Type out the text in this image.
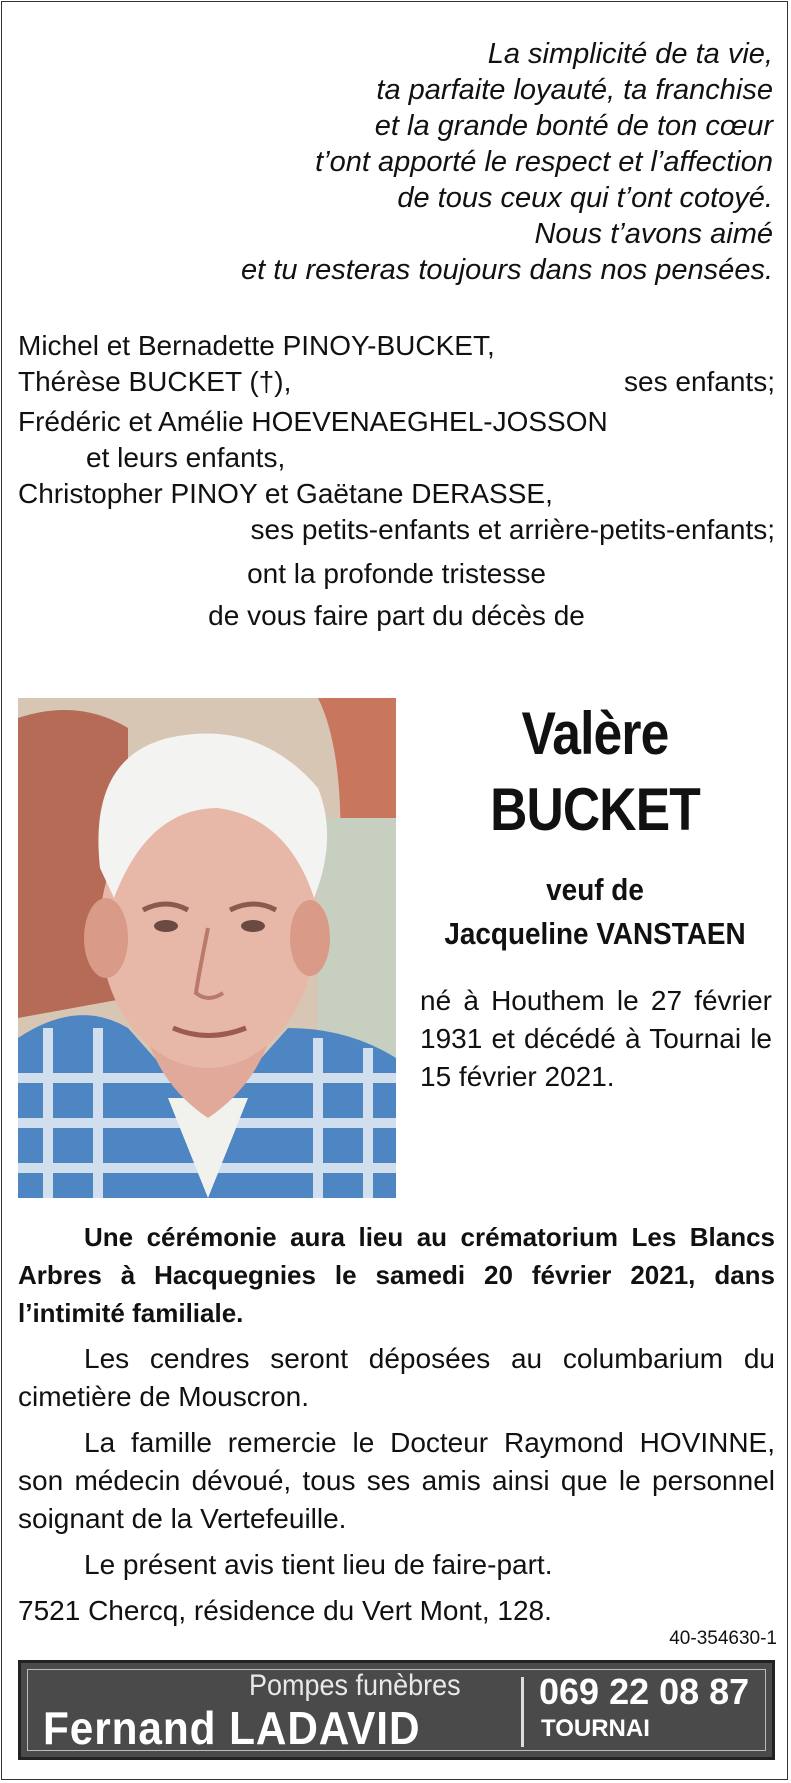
La simplicité de ta vie,
ta parfaite loyauté, ta franchise
et la grande bonté de ton cœur
t’ont apporté le respect et l’affection
de tous ceux qui t’ont cotoyé.
Nous t’avons aimé
et tu resteras toujours dans nos pensées.
Michel et Bernadette PINOY-BUCKET,
Thérèse BUCKET (†),	ses enfants;
Frédéric et Amélie HOEVENAEGHEL-JOSSON
et leurs enfants,
Christopher PINOY et Gaëtane DERASSE,
ses petits-enfants et arrière-petits-enfants;
ont la profonde tristesse
de vous faire part du décès de
Valère
BUCKET
veuf de
Jacqueline VANSTAEN
né à Houthem le 27 février 1931 et décédé à Tournai le 15 février 2021.

Une cérémonie aura lieu au crématorium Les Blancs Arbres à Hacquegnies le samedi 20 février 2021, dans l’intimité familiale.

Les cendres seront déposées au columbarium du cimetière de Mouscron.

La famille remercie le Docteur Raymond HOVINNE, son médecin dévoué, tous ses amis ainsi que le personnel soignant de la Vertefeuille.

Le présent avis tient lieu de faire-part.

7521 Chercq, résidence du Vert Mont, 128.

40-354630-1
Pompes funèbres
Fernand LADAVID
069 22 08 87
TOURNAI
